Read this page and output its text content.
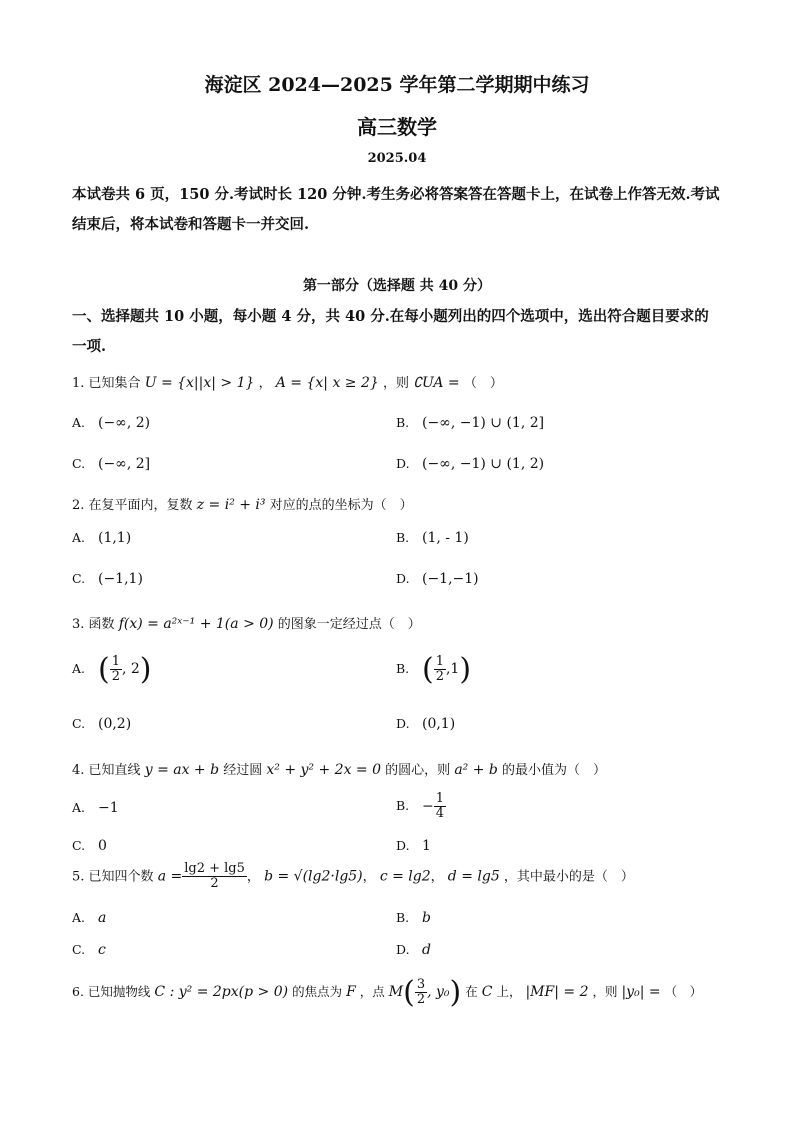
海淀区 2024—2025 学年第二学期期中练习
高三数学
2025.04
本试卷共 6 页，150 分.考试时长 120 分钟.考生务必将答案答在答题卡上，在试卷上作答无效.考试结束后，将本试卷和答题卡一并交回.
第一部分（选择题 共 40 分）
一、选择题共 10 小题，每小题 4 分，共 40 分.在每小题列出的四个选项中，选出符合题目要求的一项.
1. 已知集合 U = {x||x| > 1} ， A = {x| x ≥ 2} ，则 ∁UA = （　）
A. (−∞, 2)	B. (−∞, −1) ∪ (1, 2]
C. (−∞, 2]	D. (−∞, −1) ∪ (1, 2)
2. 在复平面内，复数 z = i² + i³ 对应的点的坐标为（　）
A. (1,1)	B. (1, - 1)
C. (−1,1)	D. (−1,−1)
3. 函数 f(x) = a²ˣ⁻¹ + 1(a > 0) 的图象一定经过点（　）
A. ( $\frac{1}{2}$ , 2)	B. ( $\frac{1}{2} ,1$)
C. (0,2)	D. (0,1)
4. 已知直线 y = ax + b 经过圆 x² + y² + 2x = 0 的圆心，则 a² + b 的最小值为（　）
A. −1	B. − $\frac{1}{4}$
C. 0	D. 1
5. 已知四个数 $a = \frac{\lg 2 + \lg 5}{2}$ ， b = √(lg2·lg5)， c = lg2， d = lg5 ，其中最小的是（　）
A. a	B. b
C. c	D. d
6. 已知抛物线 C : y² = 2px(p > 0) 的焦点为 F ，点 $M( \frac{3}{2}$ , y₀) 在 C 上， |MF| = 2 ，则 |y₀| = （　）
